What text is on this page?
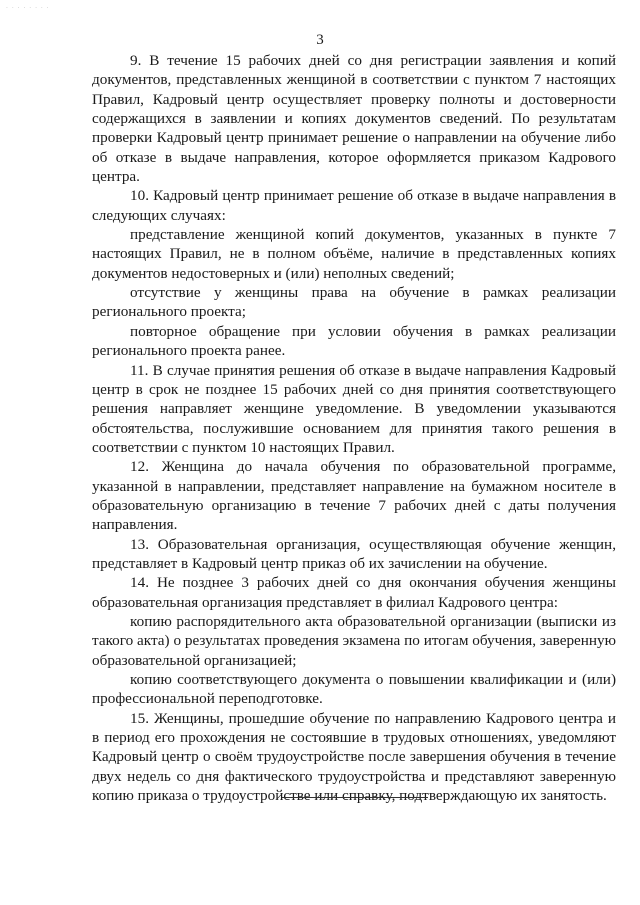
· · · · · · · ·
3

9. В течение 15 рабочих дней со дня регистрации заявления и копий документов, представленных женщиной в соответствии с пунктом 7 настоящих Правил, Кадровый центр осуществляет проверку полноты и достоверности содержащихся в заявлении и копиях документов сведений. По результатам проверки Кадровый центр принимает решение о направлении на обучение либо об отказе в выдаче направления, которое оформляется приказом Кадрового центра.

10. Кадровый центр принимает решение об отказе в выдаче направления в следующих случаях:

представление женщиной копий документов, указанных в пункте 7 настоящих Правил, не в полном объёме, наличие в представленных копиях документов недостоверных и (или) неполных сведений;

отсутствие у женщины права на обучение в рамках реализации регионального проекта;

повторное обращение при условии обучения в рамках реализации регионального проекта ранее.

11. В случае принятия решения об отказе в выдаче направления Кадровый центр в срок не позднее 15 рабочих дней со дня принятия соответствующего решения направляет женщине уведомление. В уведомлении указываются обстоятельства, послужившие основанием для принятия такого решения в соответствии с пунктом 10 настоящих Правил.

12. Женщина до начала обучения по образовательной программе, указанной в направлении, представляет направление на бумажном носителе в образовательную организацию в течение 7 рабочих дней с даты получения направления.

13. Образовательная организация, осуществляющая обучение женщин, представляет в Кадровый центр приказ об их зачислении на обучение.

14. Не позднее 3 рабочих дней со дня окончания обучения женщины образовательная организация представляет в филиал Кадрового центра:

копию распорядительного акта образовательной организации (выписки из такого акта) о результатах проведения экзамена по итогам обучения, заверенную образовательной организацией;

копию соответствующего документа о повышении квалификации и (или) профессиональной переподготовке.

15. Женщины, прошедшие обучение по направлению Кадрового центра и в период его прохождения не состоявшие в трудовых отношениях, уведомляют Кадровый центр о своём трудоустройстве после завершения обучения в течение двух недель со дня фактического трудоустройства и представляют заверенную копию приказа о трудоустройстве или справку, подтверждающую их занятость.
